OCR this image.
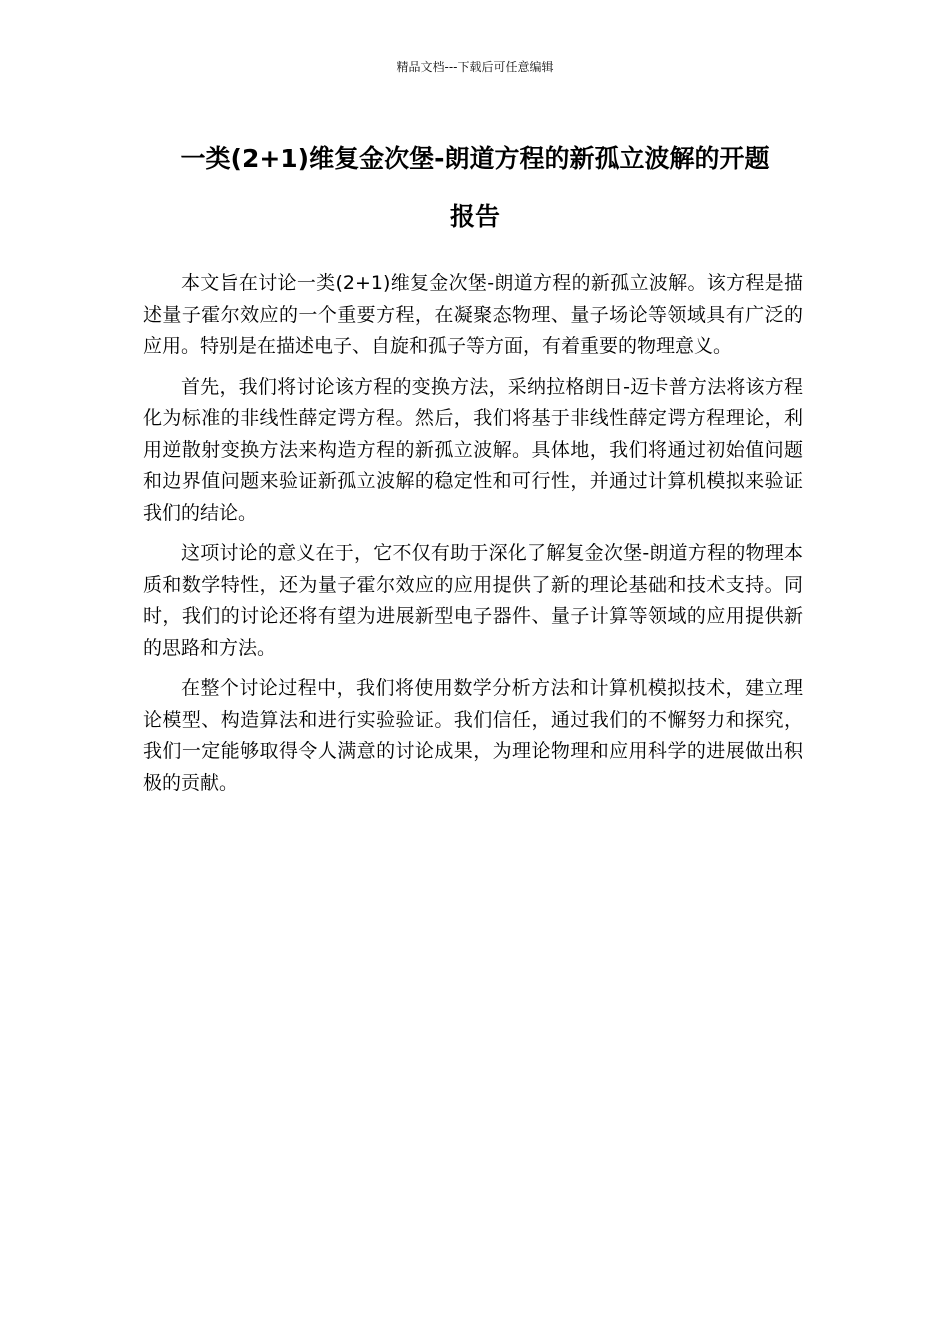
精品文档---下载后可任意编辑
一类(2+1)维复金次堡-朗道方程的新孤立波解的开题
报告

本文旨在讨论一类(2+1)维复金次堡-朗道方程的新孤立波解。该方程是描述量子霍尔效应的一个重要方程，在凝聚态物理、量子场论等领域具有广泛的应用。特别是在描述电子、自旋和孤子等方面，有着重要的物理意义。

首先，我们将讨论该方程的变换方法，采纳拉格朗日-迈卡普方法将该方程化为标准的非线性薛定谔方程。然后，我们将基于非线性薛定谔方程理论，利用逆散射变换方法来构造方程的新孤立波解。具体地，我们将通过初始值问题和边界值问题来验证新孤立波解的稳定性和可行性，并通过计算机模拟来验证我们的结论。

这项讨论的意义在于，它不仅有助于深化了解复金次堡-朗道方程的物理本质和数学特性，还为量子霍尔效应的应用提供了新的理论基础和技术支持。同时，我们的讨论还将有望为进展新型电子器件、量子计算等领域的应用提供新的思路和方法。

在整个讨论过程中，我们将使用数学分析方法和计算机模拟技术，建立理论模型、构造算法和进行实验验证。我们信任，通过我们的不懈努力和探究，我们一定能够取得令人满意的讨论成果，为理论物理和应用科学的进展做出积极的贡献。
